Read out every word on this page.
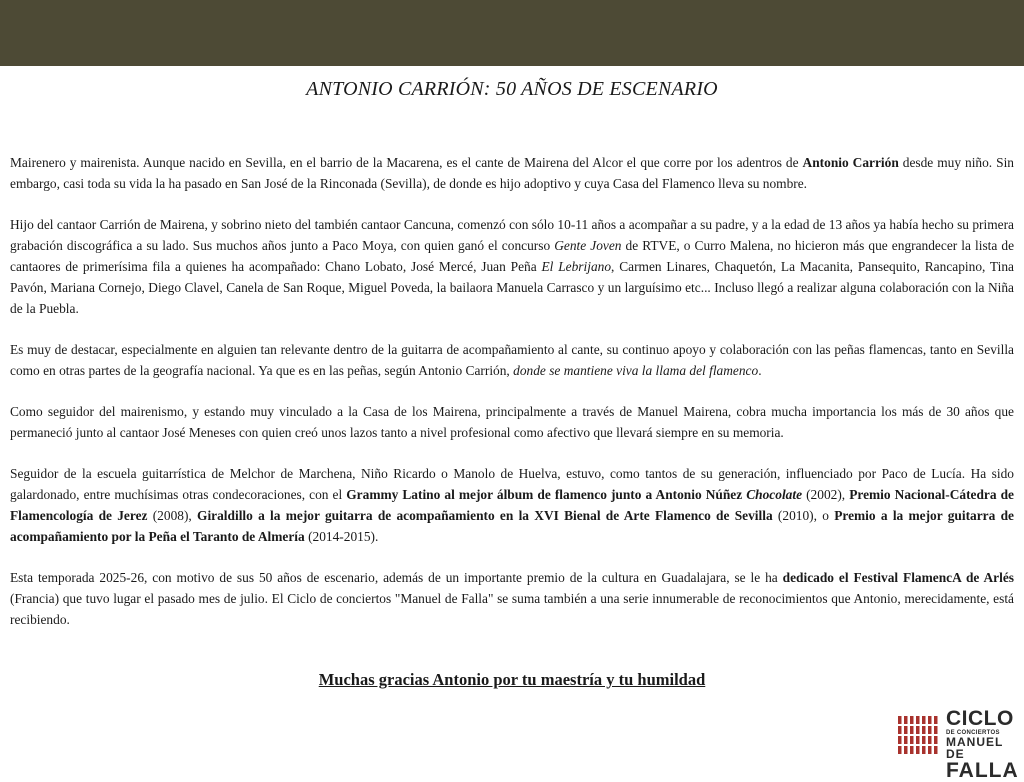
ANTONIO CARRIÓN: 50 AÑOS DE ESCENARIO

Mairenero y mairenista. Aunque nacido en Sevilla, en el barrio de la Macarena, es el cante de Mairena del Alcor el que corre por los adentros de Antonio Carrión desde muy niño. Sin embargo, casi toda su vida la ha pasado en San José de la Rinconada (Sevilla), de donde es hijo adoptivo y cuya Casa del Flamenco lleva su nombre.

Hijo del cantaor Carrión de Mairena, y sobrino nieto del también cantaor Cancuna, comenzó con sólo 10-11 años a acompañar a su padre, y a la edad de 13 años ya había hecho su primera grabación discográfica a su lado. Sus muchos años junto a Paco Moya, con quien ganó el concurso Gente Joven de RTVE, o Curro Malena, no hicieron más que engrandecer la lista de cantaores de primerísima fila a quienes ha acompañado: Chano Lobato, José Mercé, Juan Peña El Lebrijano, Carmen Linares, Chaquetón, La Macanita, Pansequito, Rancapino, Tina Pavón, Mariana Cornejo, Diego Clavel, Canela de San Roque, Miguel Poveda, la bailaora Manuela Carrasco y un larguísimo etc... Incluso llegó a realizar alguna colaboración con la Niña de la Puebla.

Es muy de destacar, especialmente en alguien tan relevante dentro de la guitarra de acompañamiento al cante, su continuo apoyo y colaboración con las peñas flamencas, tanto en Sevilla como en otras partes de la geografía nacional. Ya que es en las peñas, según Antonio Carrión, donde se mantiene viva la llama del flamenco.

Como seguidor del mairenismo, y estando muy vinculado a la Casa de los Mairena, principalmente a través de Manuel Mairena, cobra mucha importancia los más de 30 años que permaneció junto al cantaor José Meneses con quien creó unos lazos tanto a nivel profesional como afectivo que llevará siempre en su memoria.

Seguidor de la escuela guitarrística de Melchor de Marchena, Niño Ricardo o Manolo de Huelva, estuvo, como tantos de su generación, influenciado por Paco de Lucía. Ha sido galardonado, entre muchísimas otras condecoraciones, con el Grammy Latino al mejor álbum de flamenco junto a Antonio Núñez Chocolate (2002), Premio Nacional-Cátedra de Flamencología de Jerez (2008), Giraldillo a la mejor guitarra de acompañamiento en la XVI Bienal de Arte Flamenco de Sevilla (2010), o Premio a la mejor guitarra de acompañamiento por la Peña el Taranto de Almería (2014-2015).

Esta temporada 2025-26, con motivo de sus 50 años de escenario, además de un importante premio de la cultura en Guadalajara, se le ha dedicado el Festival FlamencA de Arlés (Francia) que tuvo lugar el pasado mes de julio. El Ciclo de conciertos "Manuel de Falla" se suma también a una serie innumerable de reconocimientos que Antonio, merecidamente, está recibiendo.

Muchas gracias Antonio por tu maestría y tu humildad
CICLO
DE CONCIERTOS
MANUEL DE
FALLA
